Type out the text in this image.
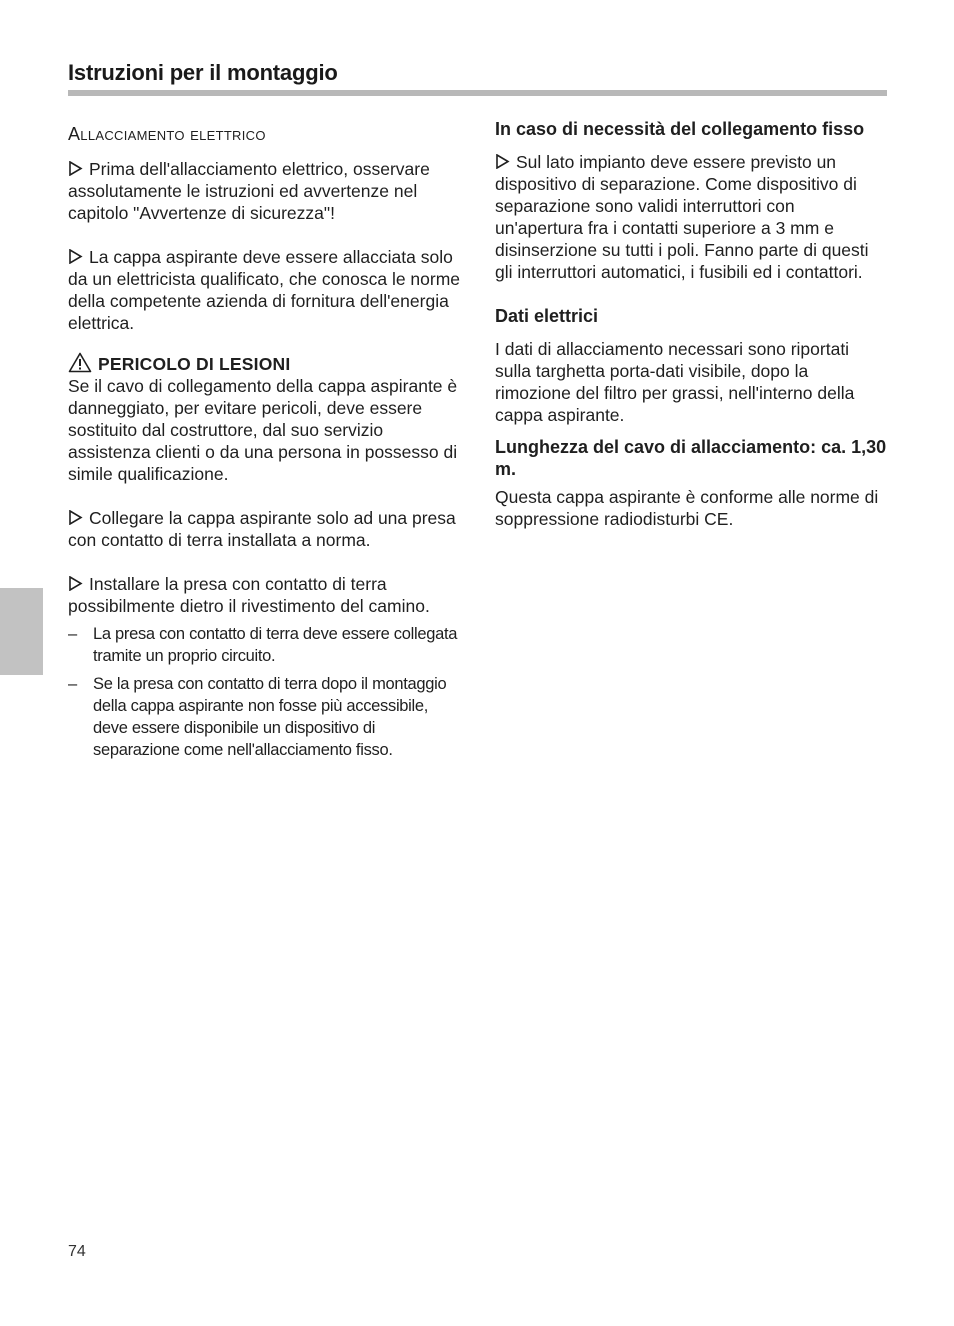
Istruzioni per il montaggio
Allacciamento elettrico

Prima dell'allacciamento elettrico, osservare assolutamente le istruzioni ed avvertenze nel capitolo "Avvertenze di sicurezza"!

La cappa aspirante deve essere allacciata solo da un elettricista qualificato, che conosca le norme della competente azienda di fornitura dell'energia elettrica.

PERICOLO DI LESIONI

Se il cavo di collegamento della cappa aspirante è danneggiato, per evitare pericoli, deve essere sostituito dal costruttore, dal suo servizio assistenza clienti o da una persona in possesso di simile qualificazione.

Collegare la cappa aspirante solo ad una presa con contatto di terra installata a norma.

Installare la presa con contatto di terra possibilmente dietro il rivestimento del camino.

– La presa con contatto di terra deve essere collegata tramite un proprio circuito.
– Se la presa con contatto di terra dopo il montaggio della cappa aspirante non fosse più accessibile, deve essere disponibile un dispositivo di separazione come nell'allacciamento fisso.
In caso di necessità del collegamento fisso

Sul lato impianto deve essere previsto un dispositivo di separazione. Come dispositivo di separazione sono validi interruttori con un'apertura fra i contatti superiore a 3 mm e disinserzione su tutti i poli. Fanno parte di questi gli interruttori automatici, i fusibili ed i contattori.

Dati elettrici

I dati di allacciamento necessari sono riportati sulla targhetta porta-dati visibile, dopo la rimozione del filtro per grassi, nell'interno della cappa aspirante.

Lunghezza del cavo di allacciamento: ca. 1,30 m.

Questa cappa aspirante è conforme alle norme di soppressione radiodisturbi CE.

74
